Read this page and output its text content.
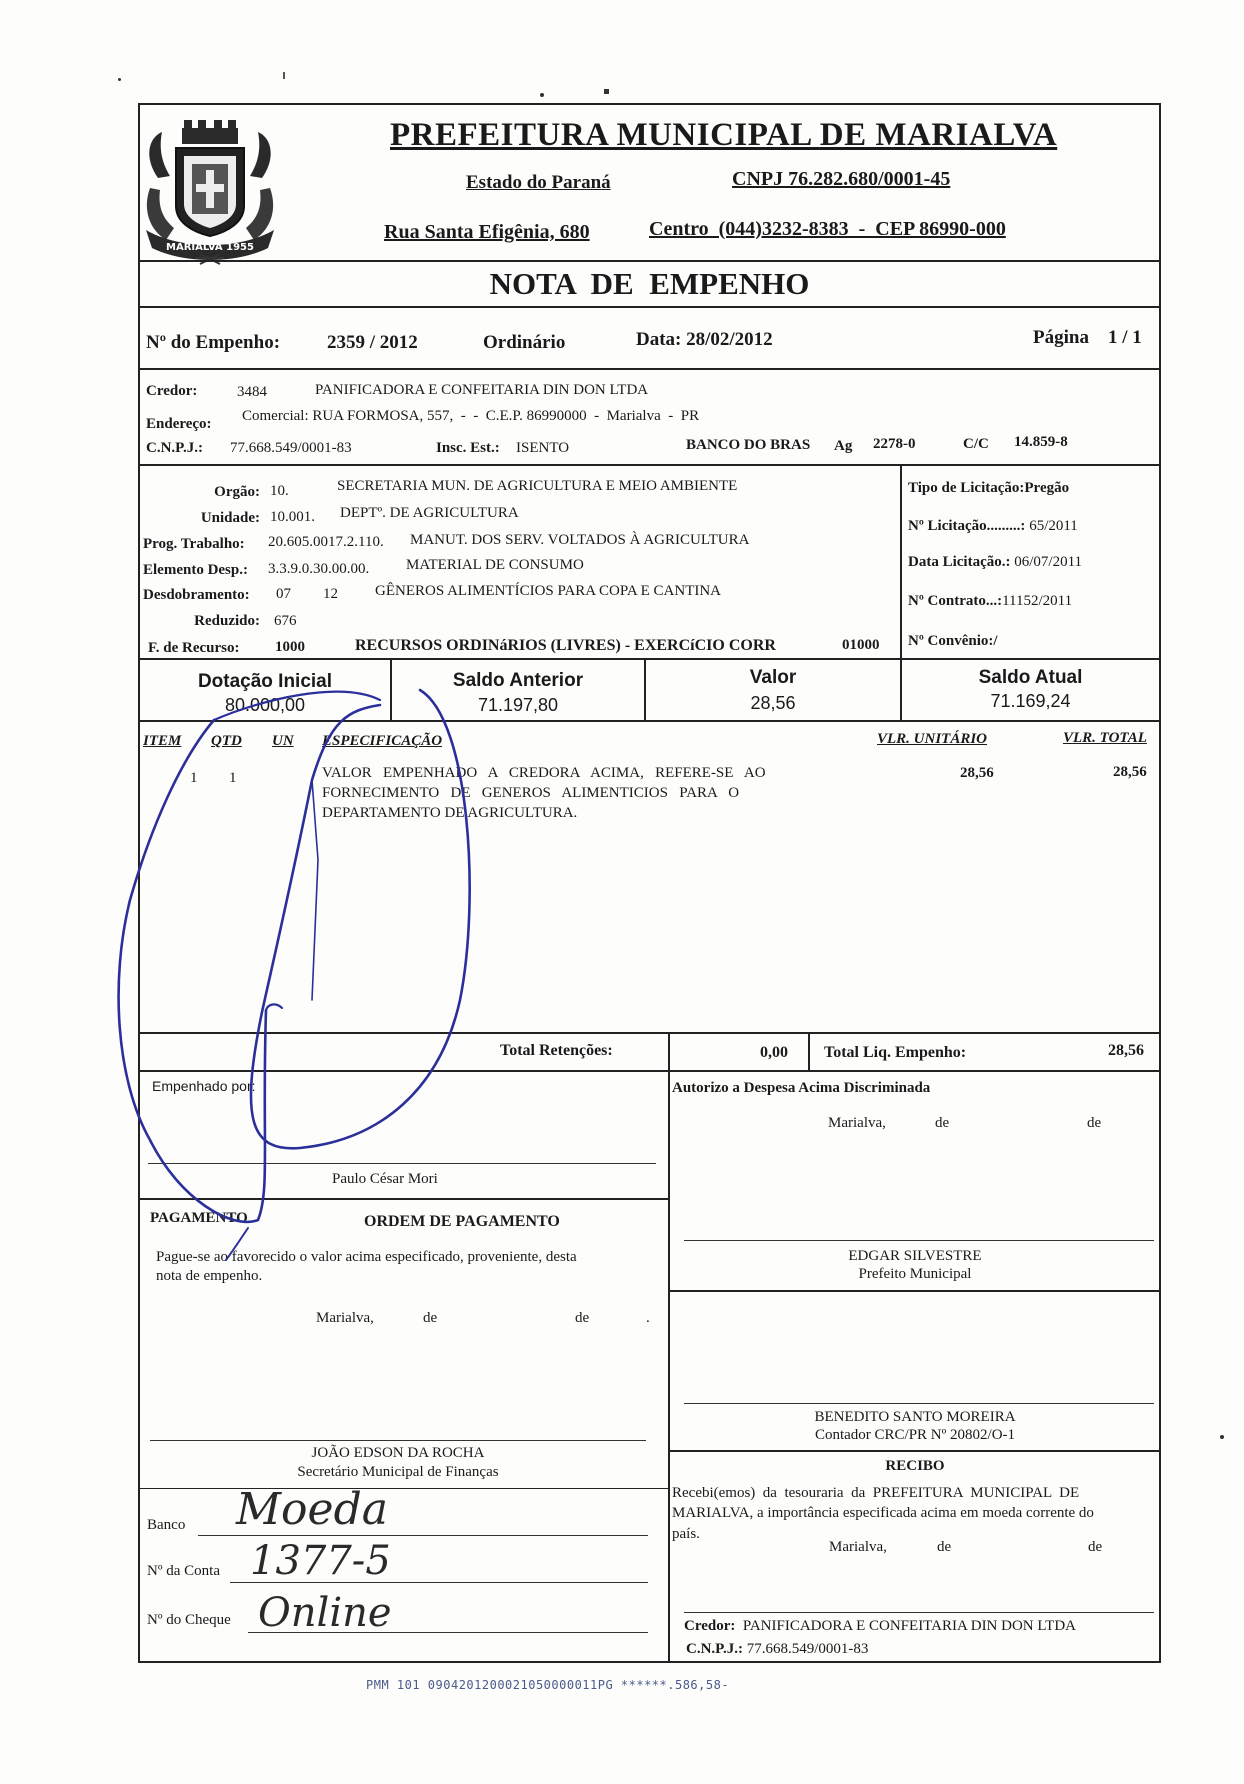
MARIALVA 1955
PREFEITURA MUNICIPAL DE MARIALVA
Estado do Paraná	CNPJ 76.282.680/0001-45
Rua Santa Efigênia, 680	Centro  (044)3232-8383  -  CEP 86990-000
NOTA  DE  EMPENHO
Nº do Empenho: 2359 / 2012	Ordinário	Data: 28/02/2012	Página 1 / 1
Credor:	3484	PANIFICADORA E CONFEITARIA DIN DON LTDA
Endereço: Comercial: RUA FORMOSA, 557,  -  -  C.E.P. 86990000  -  Marialva  -  PR
C.N.P.J.: 77.668.549/0001-83	Insc. Est.: ISENTO	BANCO DO BRAS Ag 2278-0	C/C 14.859-8
Orgão: 10.	SECRETARIA MUN. DE AGRICULTURA E MEIO AMBIENTE
Unidade: 10.001. DEPTº. DE AGRICULTURA
Prog. Trabalho: 20.605.0017.2.110. MANUT. DOS SERV. VOLTADOS À AGRICULTURA
Elemento Desp.: 3.3.9.0.30.00.00. MATERIAL DE CONSUMO
Desdobramento: 07 12 GÊNEROS ALIMENTÍCIOS PARA COPA E CANTINA
Reduzido: 676
F. de Recurso: 1000	RECURSOS ORDINáRIOS (LIVRES) - EXERCíCIO CORR	01000
Tipo de Licitação:Pregão
Nº Licitação.........: 65/2011
Data Licitação.: 06/07/2011
Nº Contrato...:11152/2011
Nº Convênio:/
Dotação Inicial
80.000,00
Saldo Anterior
71.197,80
Valor
28,56
Saldo Atual
71.169,24
ITEM QTD UN ESPECIFICAÇÃO	VLR. UNITÁRIO	VLR. TOTAL
1 1	VALOR   EMPENHADO   A   CREDORA   ACIMA,   REFERE-SE   AO
FORNECIMENTO   DE   GENEROS   ALIMENTICIOS   PARA   O
DEPARTAMENTO DE AGRICULTURA.
28,56	28,56
Total Retenções:	0,00 Total Liq. Empenho:	28,56
Empenhado por:
Paulo César Mori
PAGAMENTO	ORDEM DE PAGAMENTO
Pague-se ao favorecido o valor acima especificado, proveniente, desta
nota de empenho.
Marialva,	de	de	.
JOÃO EDSON DA ROCHA
Secretário Municipal de Finanças
Banco Moeda
Nº da Conta 1377-5
Nº do Cheque Online
Autorizo a Despesa Acima Discriminada
Marialva,	de	de
EDGAR SILVESTRE
Prefeito Municipal
BENEDITO SANTO MOREIRA
Contador CRC/PR Nº 20802/O-1
RECIBO
Recebi(emos)  da  tesouraria  da  PREFEITURA  MUNICIPAL  DE
MARIALVA, a importância especificada acima em moeda corrente do
país.
Marialva,	de	de
Credor: PANIFICADORA E CONFEITARIA DIN DON LTDA
C.N.P.J.: 77.668.549/0001-83
PMM 101 0904201200021050000011PG ******.586,58-
